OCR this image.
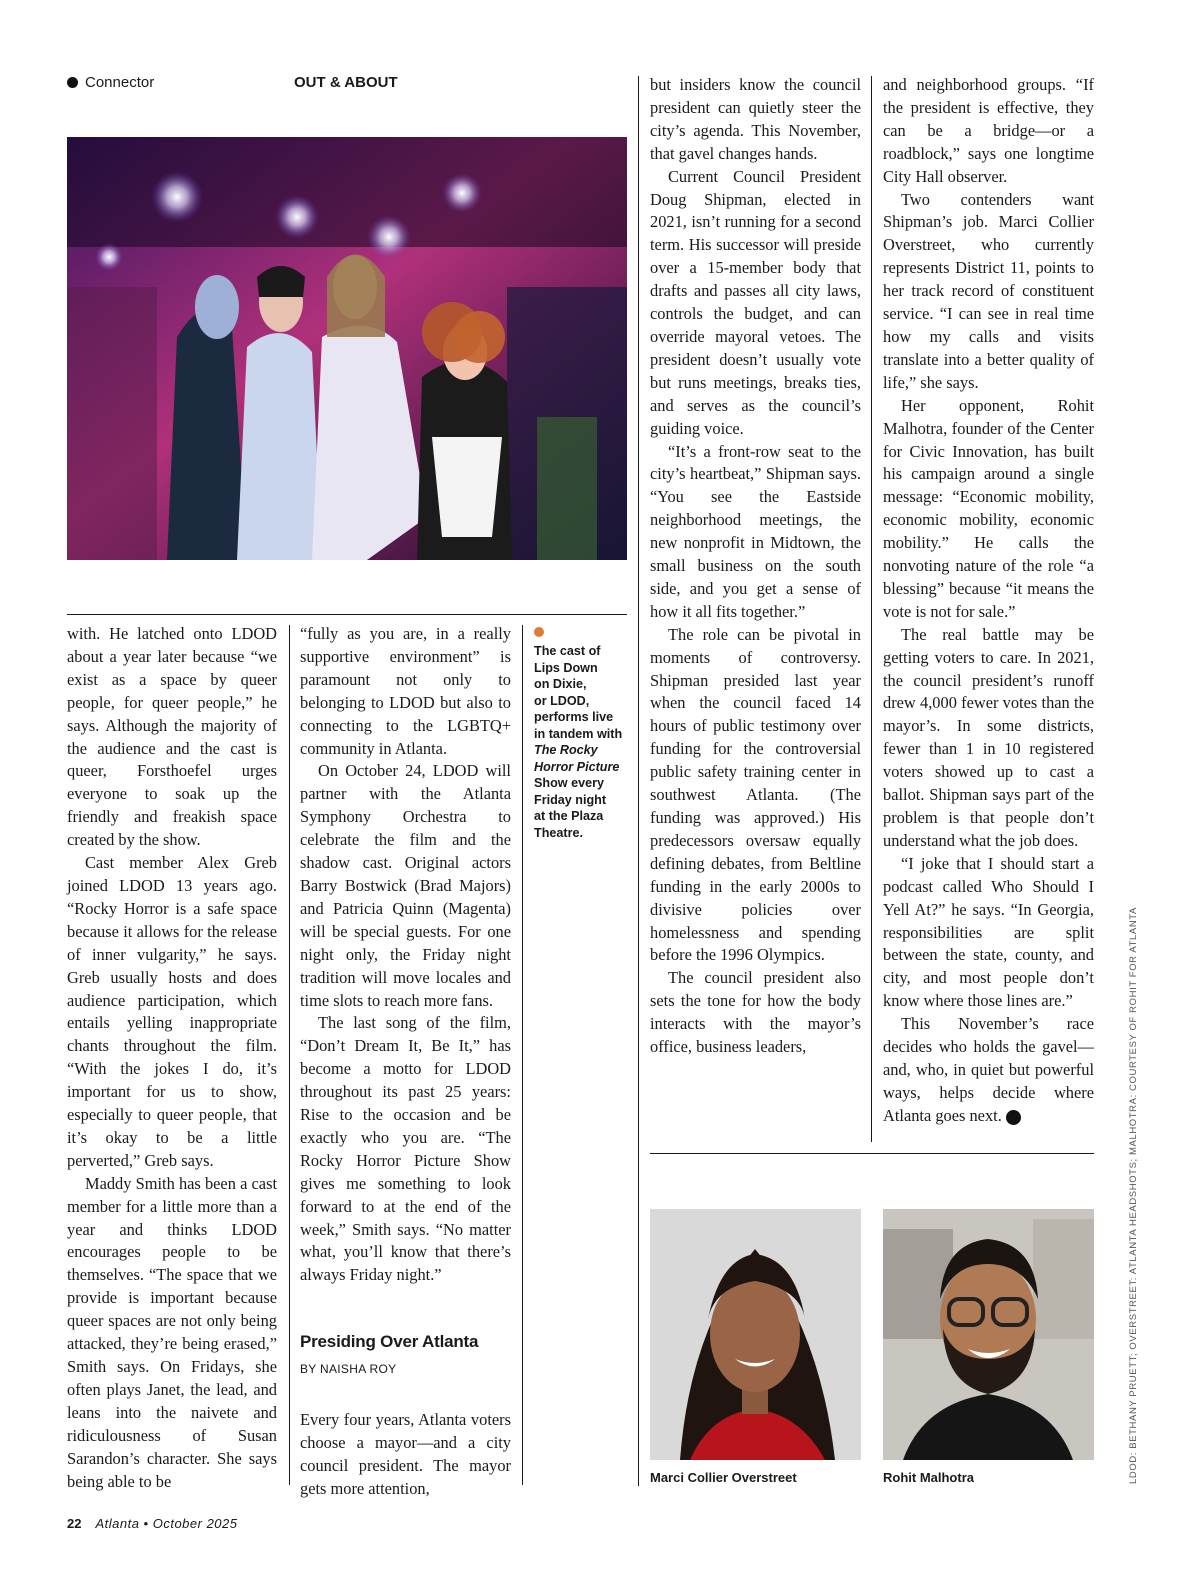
Connector	OUT & ABOUT

with. He latched onto LDOD about a year later because “we exist as a space by queer people, for queer people,” he says. Although the majority of the audience and the cast is queer, Forsthoefel urges everyone to soak up the friendly and freakish space created by the show.

Cast member Alex Greb joined LDOD 13 years ago. “Rocky Horror is a safe space because it allows for the release of inner vulgarity,” he says. Greb usually hosts and does audience participation, which entails yelling inappropriate chants throughout the film. “With the jokes I do, it’s important for us to show, especially to queer people, that it’s okay to be a little perverted,” Greb says.

Maddy Smith has been a cast member for a little more than a year and thinks LDOD encourages people to be themselves. “The space that we provide is important because queer spaces are not only being attacked, they’re being erased,” Smith says. On Fridays, she often plays Janet, the lead, and leans into the naivete and ridiculousness of Susan Sarandon’s character. She says being able to be

“fully as you are, in a really supportive environment” is paramount not only to belonging to LDOD but also to connecting to the LGBTQ+ community in Atlanta.

On October 24, LDOD will partner with the Atlanta Symphony Orchestra to celebrate the film and the shadow cast. Original actors Barry Bostwick (Brad Majors) and Patricia Quinn (Magenta) will be special guests. For one night only, the Friday night tradition will move locales and time slots to reach more fans.

The last song of the film, “Don’t Dream It, Be It,” has become a motto for LDOD throughout its past 25 years: Rise to the occasion and be exactly who you are. “The Rocky Horror Picture Show gives me something to look forward to at the end of the week,” Smith says. “No matter what, you’ll know that there’s always Friday night.”

Presiding Over Atlanta
BY NAISHA ROY

Every four years, Atlanta voters choose a mayor—and a city council president. The mayor gets more attention,

The cast of
Lips Down
on Dixie,
or LDOD,
performs live
in tandem with
The Rocky
Horror Picture
Show every
Friday night
at the Plaza
Theatre.

but insiders know the council president can quietly steer the city’s agenda. This November, that gavel changes hands.

Current Council President Doug Shipman, elected in 2021, isn’t running for a second term. His successor will preside over a 15-member body that drafts and passes all city laws, controls the budget, and can override mayoral vetoes. The president doesn’t usually vote but runs meetings, breaks ties, and serves as the council’s guiding voice.

“It’s a front-row seat to the city’s heartbeat,” Shipman says. “You see the Eastside neighborhood meetings, the new nonprofit in Midtown, the small business on the south side, and you get a sense of how it all fits together.”

The role can be pivotal in moments of controversy. Shipman presided last year when the council faced 14 hours of public testimony over funding for the controversial public safety training center in southwest Atlanta. (The funding was approved.) His predecessors oversaw equally defining debates, from Beltline funding in the early 2000s to divisive policies over homelessness and spending before the 1996 Olympics.

The council president also sets the tone for how the body interacts with the mayor’s office, business leaders,

and neighborhood groups. “If the president is effective, they can be a bridge—or a roadblock,” says one longtime City Hall observer.

Two contenders want Shipman’s job. Marci Collier Overstreet, who currently represents District 11, points to her track record of constituent service. “I can see in real time how my calls and visits translate into a better quality of life,” she says.

Her opponent, Rohit Malhotra, founder of the Center for Civic Innovation, has built his campaign around a single message: “Economic mobility, economic mobility, economic mobility.” He calls the nonvoting nature of the role “a blessing” because “it means the vote is not for sale.”

The real battle may be getting voters to care. In 2021, the council president’s runoff drew 4,000 fewer votes than the mayor’s. In some districts, fewer than 1 in 10 registered voters showed up to cast a ballot. Shipman says part of the problem is that people don’t understand what the job does.

“I joke that I should start a podcast called Who Should I Yell At?” he says. “In Georgia, responsibilities are split between the state, county, and city, and most people don’t know where those lines are.”

This November’s race decides who holds the gavel—and, who, in quiet but powerful ways, helps decide where Atlanta goes next. A

Marci Collier Overstreet	Rohit Malhotra	LDOD: BETHANY PRUETT; OVERSTREET: ATLANTA HEADSHOTS; MALHOTRA: COURTESY OF ROHIT FOR ATLANTA
22 Atlanta • October 2025
